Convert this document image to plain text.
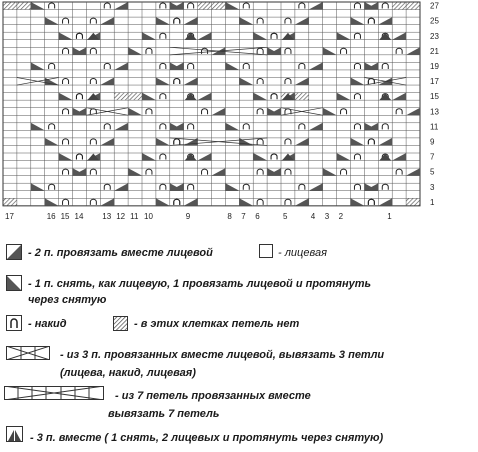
27
25
23
21
19
17
15
13
11
9
7
5
3
1
17	16 15 14 13 12 11 10	9	8 7 6	5	4 3 2	1
- 2 п. провязать вместе лицевой	- лицевая
- 1 п. снять, как лицевую, 1 провязать лицевой и протянуть
через снятую
- накид	- в этих клетках петель нет
- из 3 п. провязанных вместе лицевой, вывязать 3 петли
(лицева, накид, лицевая)
- из 7 петель провязанных вместе
вывязать 7 петель
- 3 п. вместе ( 1 снять, 2 лицевых и протянуть через снятую)
